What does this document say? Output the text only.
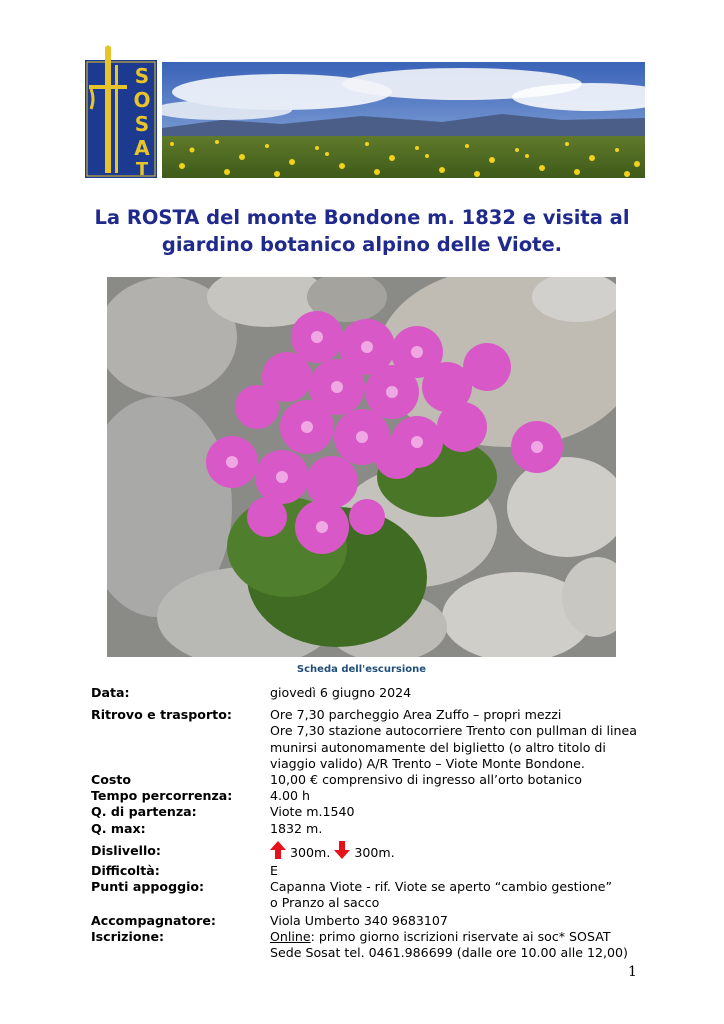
S
O
S
A
T
La ROSTA del monte Bondone m. 1832 e visita al
giardino botanico alpino delle Viote.
Scheda dell'escursione
Data:	giovedì 6 giugno 2024
Ritrovo e trasporto:	Ore 7,30 parcheggio Area Zuffo – propri mezzi
Ore 7,30 stazione autocorriere Trento con pullman di linea
munirsi autonomamente del biglietto (o altro titolo di
viaggio valido) A/R Trento – Viote Monte Bondone.
Costo	10,00 € comprensivo di ingresso all’orto botanico
Tempo percorrenza:	4.00 h
Q. di partenza:	Viote m.1540
Q. max:	1832 m.
Dislivello:	300m. 300m.
Difficoltà:	E
Punti appoggio:	Capanna Viote - rif. Viote se aperto “cambio gestione”
o Pranzo al sacco
Accompagnatore:	Viola Umberto 340 9683107
Iscrizione:	Online: primo giorno iscrizioni riservate ai soc* SOSAT
Sede Sosat tel. 0461.986699 (dalle ore 10.00 alle 12,00)
1
